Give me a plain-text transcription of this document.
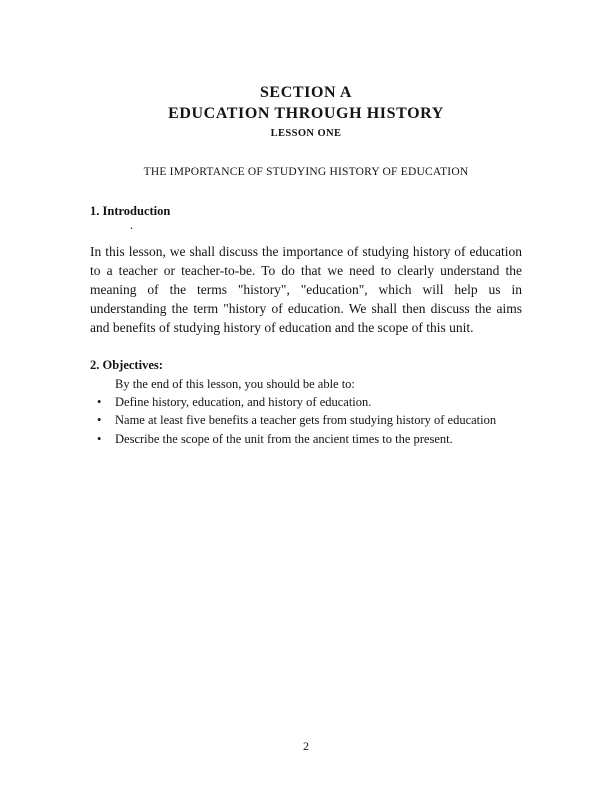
SECTION A
EDUCATION THROUGH HISTORY
LESSON ONE
THE IMPORTANCE OF STUDYING HISTORY OF EDUCATION
1. Introduction
.
In this lesson, we shall discuss the importance of studying history of education to a teacher or teacher-to-be. To do that we need to clearly understand the meaning of the terms "history", "education", which will help us in understanding the term "history of education. We shall then discuss the aims and benefits of studying history of education and the scope of this unit.
2. Objectives:
By the end of this lesson, you should be able to:
•	Define history, education, and history of education.
•	Name at least five benefits a teacher gets from studying history of education
•	Describe the scope of the unit from the ancient times to the present.
2
